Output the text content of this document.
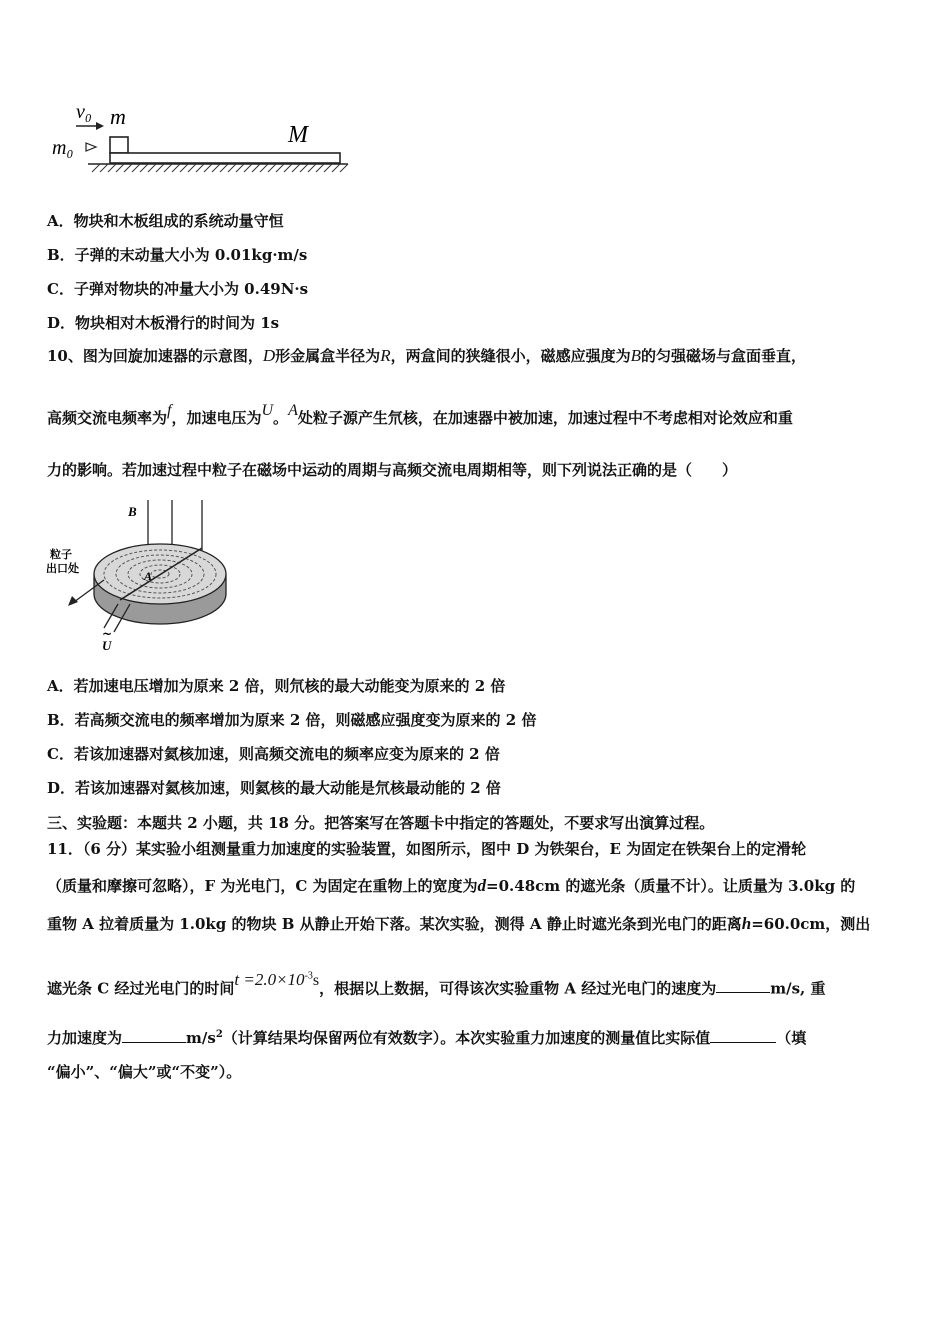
v₀ m
m₀	M
A．物块和木板组成的系统动量守恒
B．子弹的末动量大小为 0.01kg·m/s
C．子弹对物块的冲量大小为 0.49N·s
D．物块相对木板滑行的时间为 1s
10、图为回旋加速器的示意图，D形金属盒半径为R，两盒间的狭缝很小，磁感应强度为B的匀强磁场与盒面垂直，
高频交流电频率为f，加速电压为U。A处粒子源产生氘核，在加速器中被加速，加速过程中不考虑相对论效应和重
力的影响。若加速过程中粒子在磁场中运动的周期与高频交流电周期相等，则下列说法正确的是（　　）
B
粒子
出口处
A
~
U
A．若加速电压增加为原来 2 倍，则氘核的最大动能变为原来的 2 倍
B．若高频交流电的频率增加为原来 2 倍，则磁感应强度变为原来的 2 倍
C．若该加速器对氦核加速，则高频交流电的频率应变为原来的 2 倍
D．若该加速器对氦核加速，则氦核的最大动能是氘核最动能的 2 倍
三、实验题：本题共 2 小题，共 18 分。把答案写在答题卡中指定的答题处，不要求写出演算过程。
11．（6 分）某实验小组测量重力加速度的实验装置，如图所示，图中 D 为铁架台，E 为固定在铁架台上的定滑轮
（质量和摩擦可忽略），F 为光电门，C 为固定在重物上的宽度为d=0.48cm 的遮光条（质量不计）。让质量为 3.0kg 的
重物 A 拉着质量为 1.0kg 的物块 B 从静止开始下落。某次实验，测得 A 静止时遮光条到光电门的距离h=60.0cm，测出
遮光条 C 经过光电门的时间$t =2.0\times 10^{-3}s$，根据以上数据，可得该次实验重物 A 经过光电门的速度为	m/s, 重
力加速度为	$m/s^2$（计算结果均保留两位有效数字）。本次实验重力加速度的测量值比实际值	（填
“偏小”、“偏大”或“不变”）。
